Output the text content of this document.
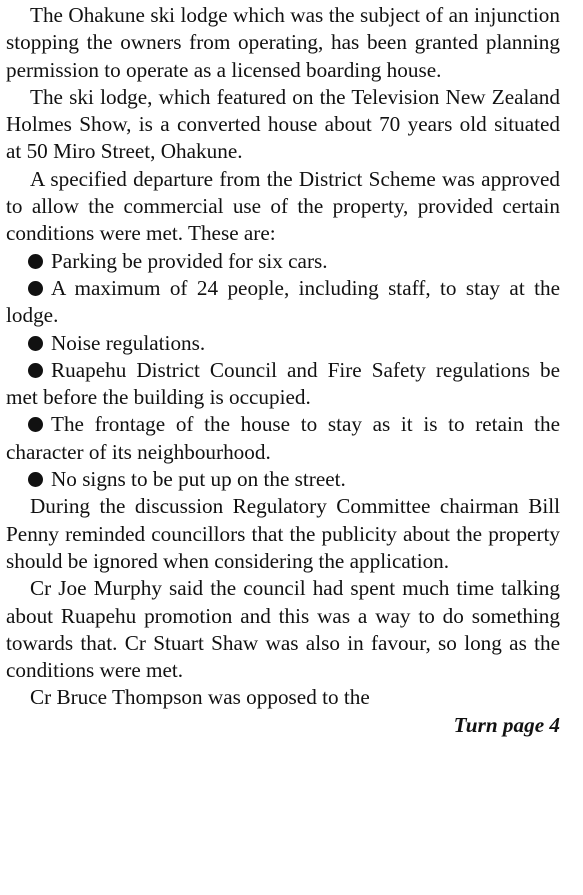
The Ohakune ski lodge which was the subject of an injunction stopping the owners from operating, has been granted planning permission to operate as a licensed boarding house.

The ski lodge, which featured on the Television New Zealand Holmes Show, is a converted house about 70 years old situated at 50 Miro Street, Ohakune.

A specified departure from the District Scheme was approved to allow the commercial use of the property, provided certain conditions were met. These are:

Parking be provided for six cars.

A maximum of 24 people, including staff, to stay at the lodge.

Noise regulations.

Ruapehu District Council and Fire Safety regulations be met before the building is occupied.

The frontage of the house to stay as it is to retain the character of its neighbourhood.

No signs to be put up on the street.

During the discussion Regulatory Committee chairman Bill Penny reminded councillors that the publicity about the property should be ignored when considering the application.

Cr Joe Murphy said the council had spent much time talking about Ruapehu promotion and this was a way to do something towards that. Cr Stuart Shaw was also in favour, so long as the conditions were met.

Cr Bruce Thompson was opposed to the

Turn page 4
